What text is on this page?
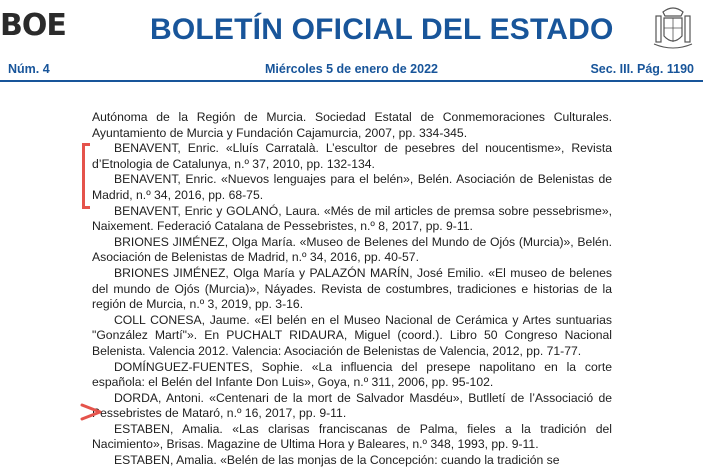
BOE	BOLETÍN OFICIAL DEL ESTADO
Núm. 4	Miércoles 5 de enero de 2022	Sec. III. Pág. 1190

Autónoma de la Región de Murcia. Sociedad Estatal de Conmemoraciones Culturales. Ayuntamiento de Murcia y Fundación Cajamurcia, 2007, pp. 334-345.

BENAVENT, Enric. «Lluís Carratalà. L’escultor de pesebres del noucentisme», Revista d’Etnologia de Catalunya, n.º 37, 2010, pp. 132-134.

BENAVENT, Enric. «Nuevos lenguajes para el belén», Belén. Asociación de Belenistas de Madrid, n.º 34, 2016, pp. 68-75.

BENAVENT, Enric y GOLANÓ, Laura. «Més de mil articles de premsa sobre pessebrisme», Naixement. Federació Catalana de Pessebristes, n.º 8, 2017, pp. 9-11.

BRIONES JIMÉNEZ, Olga María. «Museo de Belenes del Mundo de Ojós (Murcia)», Belén. Asociación de Belenistas de Madrid, n.º 34, 2016, pp. 40-57.

BRIONES JIMÉNEZ, Olga María y PALAZÓN MARÍN, José Emilio. «El museo de belenes del mundo de Ojós (Murcia)», Náyades. Revista de costumbres, tradiciones e historias de la región de Murcia, n.º 3, 2019, pp. 3-16.

COLL CONESA, Jaume. «El belén en el Museo Nacional de Cerámica y Artes suntuarias "González Martí"». En PUCHALT RIDAURA, Miguel (coord.). Libro 50 Congreso Nacional Belenista. Valencia 2012. Valencia: Asociación de Belenistas de Valencia, 2012, pp. 71-77.

DOMÍNGUEZ-FUENTES, Sophie. «La influencia del presepe napolitano en la corte española: el Belén del Infante Don Luis», Goya, n.º 311, 2006, pp. 95-102.

DORDA, Antoni. «Centenari de la mort de Salvador Masdéu», Butlletí de l’Associació de Pessebristes de Mataró, n.º 16, 2017, pp. 9-11.

ESTABEN, Amalia. «Las clarisas franciscanas de Palma, fieles a la tradición del Nacimiento», Brisas. Magazine de Ultima Hora y Baleares, n.º 348, 1993, pp. 9-11.

ESTABEN, Amalia. «Belén de las monjas de la Concepción: cuando la tradición se
